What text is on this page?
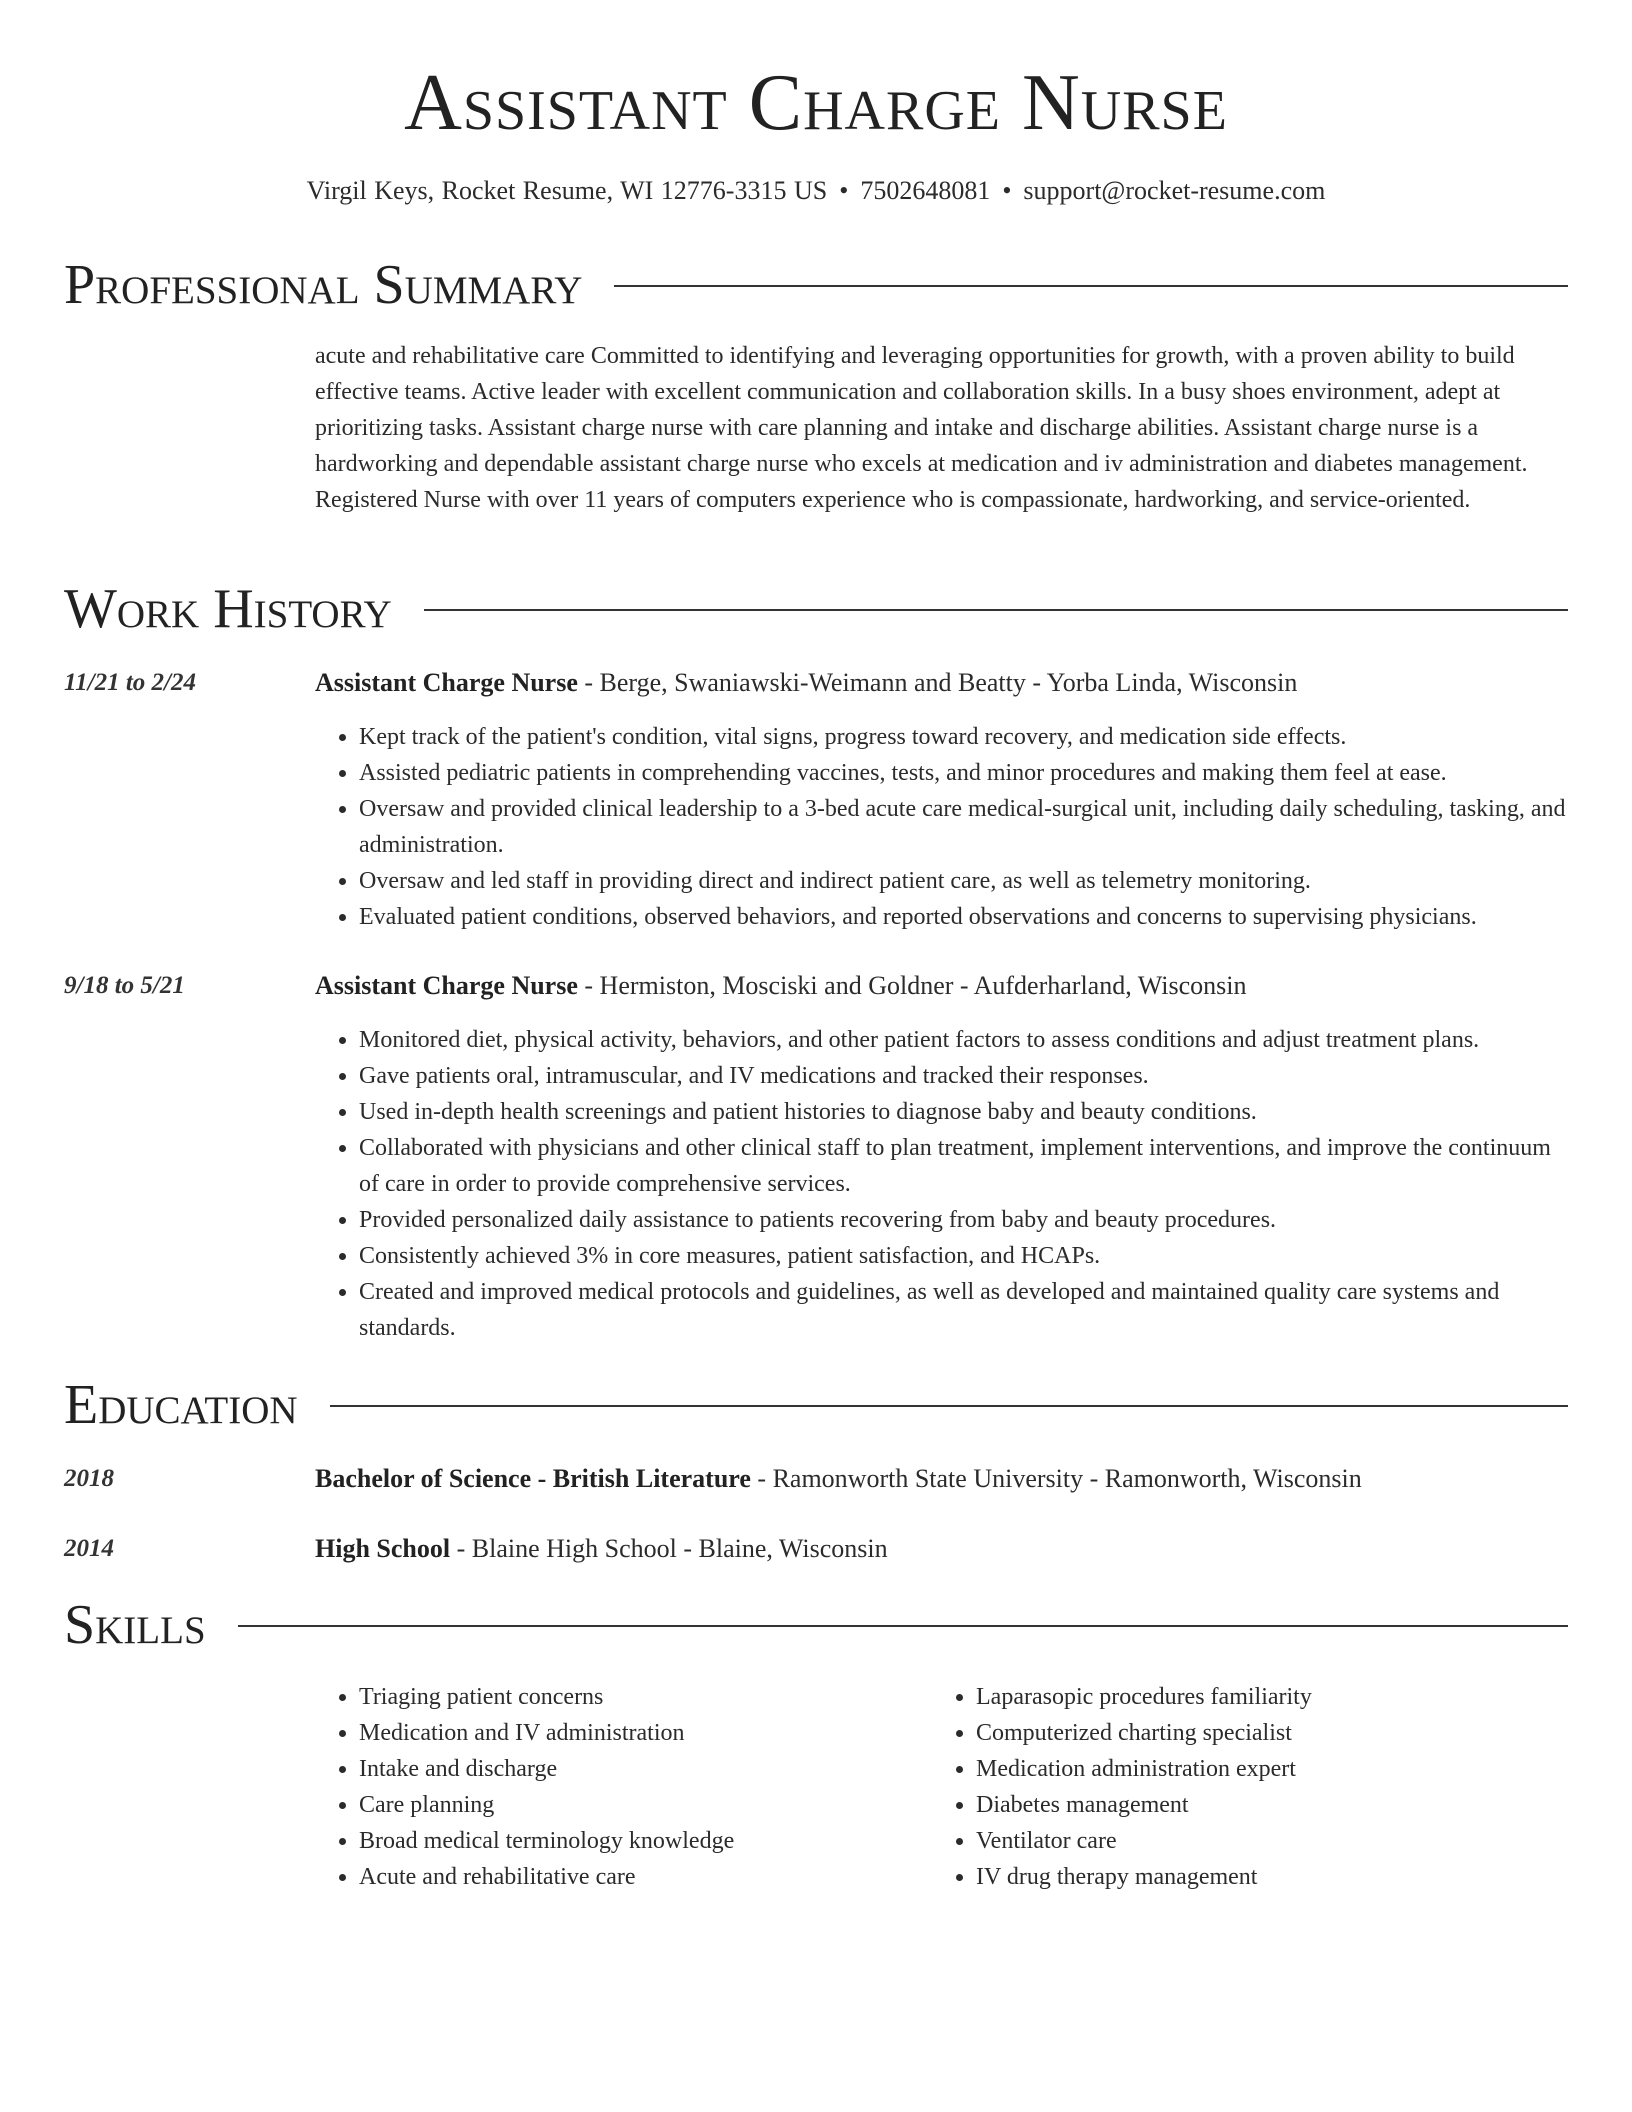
Assistant Charge Nurse
Virgil Keys, Rocket Resume, WI 12776-3315 US • 7502648081 • support@rocket-resume.com
Professional Summary

acute and rehabilitative care Committed to identifying and leveraging opportunities for growth, with a proven ability to build effective teams. Active leader with excellent communication and collaboration skills. In a busy shoes environment, adept at prioritizing tasks. Assistant charge nurse with care planning and intake and discharge abilities. Assistant charge nurse is a hardworking and dependable assistant charge nurse who excels at medication and iv administration and diabetes management. Registered Nurse with over 11 years of computers experience who is compassionate, hardworking, and service-oriented.

Work History
11/21 to 2/24	Assistant Charge Nurse - Berge, Swaniawski-Weimann and Beatty - Yorba Linda, Wisconsin
• Kept track of the patient's condition, vital signs, progress toward recovery, and medication side effects.
• Assisted pediatric patients in comprehending vaccines, tests, and minor procedures and making them feel at ease.
• Oversaw and provided clinical leadership to a 3-bed acute care medical-surgical unit, including daily scheduling, tasking, and administration.
• Oversaw and led staff in providing direct and indirect patient care, as well as telemetry monitoring.
• Evaluated patient conditions, observed behaviors, and reported observations and concerns to supervising physicians.
9/18 to 5/21	Assistant Charge Nurse - Hermiston, Mosciski and Goldner - Aufderharland, Wisconsin
• Monitored diet, physical activity, behaviors, and other patient factors to assess conditions and adjust treatment plans.
• Gave patients oral, intramuscular, and IV medications and tracked their responses.
• Used in-depth health screenings and patient histories to diagnose baby and beauty conditions.
• Collaborated with physicians and other clinical staff to plan treatment, implement interventions, and improve the continuum of care in order to provide comprehensive services.
• Provided personalized daily assistance to patients recovering from baby and beauty procedures.
• Consistently achieved 3% in core measures, patient satisfaction, and HCAPs.
• Created and improved medical protocols and guidelines, as well as developed and maintained quality care systems and standards.
Education
2018	Bachelor of Science - British Literature - Ramonworth State University - Ramonworth, Wisconsin
2014	High School - Blaine High School - Blaine, Wisconsin
Skills
• Triaging patient concerns
• Medication and IV administration
• Intake and discharge
• Care planning
• Broad medical terminology knowledge
• Acute and rehabilitative care
• Laparasopic procedures familiarity
• Computerized charting specialist
• Medication administration expert
• Diabetes management
• Ventilator care
• IV drug therapy management
